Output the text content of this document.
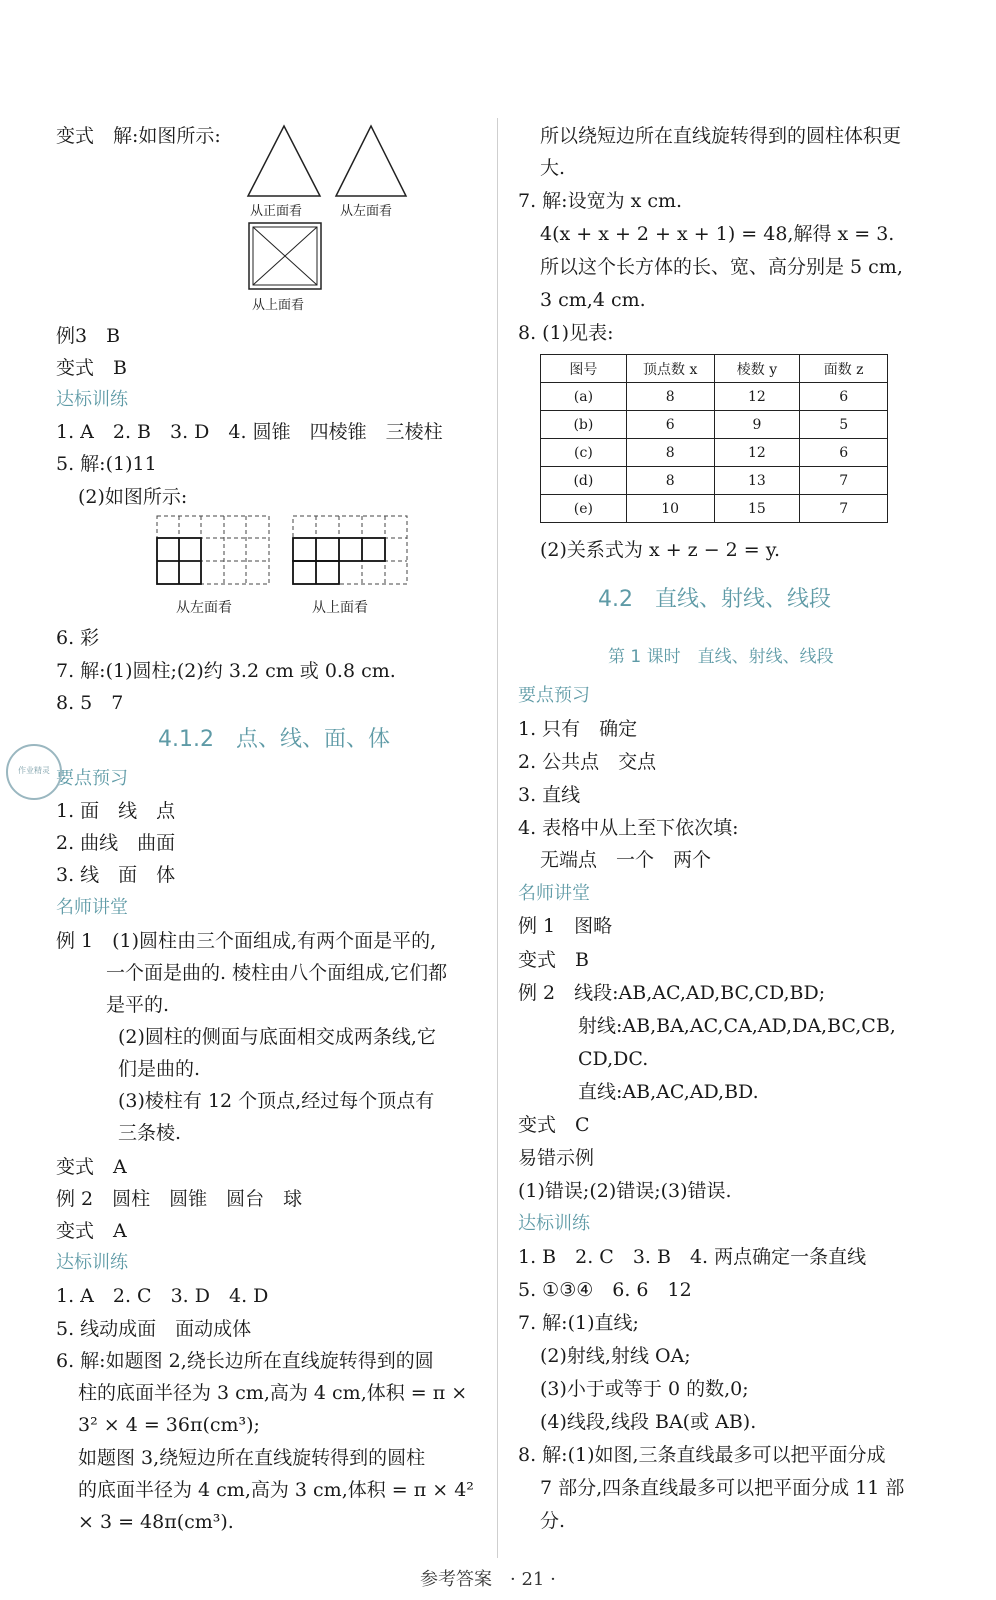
变式　解:如图所示:
从正面看	从左面看
从上面看
例3　B
变式　B
达标训练
1. A　2. B　3. D　4. 圆锥　四棱锥　三棱柱
5. 解:(1)11
(2)如图所示:
从左面看	从上面看
6. 彩
7. 解:(1)圆柱;(2)约 3.2 cm 或 0.8 cm.
8. 5　7
4.1.2　点、线、面、体
要点预习
1. 面　线　点
2. 曲线　曲面
3. 线　面　体
名师讲堂
例 1　(1)圆柱由三个面组成,有两个面是平的,
一个面是曲的. 棱柱由八个面组成,它们都
是平的.
(2)圆柱的侧面与底面相交成两条线,它
们是曲的.
(3)棱柱有 12 个顶点,经过每个顶点有
三条棱.
变式　A
例 2　圆柱　圆锥　圆台　球
变式　A
达标训练
1. A　2. C　3. D　4. D
5. 线动成面　面动成体
6. 解:如题图 2,绕长边所在直线旋转得到的圆
柱的底面半径为 3 cm,高为 4 cm,体积 = π ×
3² × 4 = 36π(cm³);
如题图 3,绕短边所在直线旋转得到的圆柱
的底面半径为 4 cm,高为 3 cm,体积 = π × 4²
× 3 = 48π(cm³).
作业精灵
所以绕短边所在直线旋转得到的圆柱体积更
大.
7. 解:设宽为 x cm.
4(x + x + 2 + x + 1) = 48,解得 x = 3.
所以这个长方体的长、宽、高分别是 5 cm,
3 cm,4 cm.
8. (1)见表:
图号	顶点数 x	棱数 y	面数 z
(a)	8	12	6
(b)	6	9	5
(c)	8	12	6
(d)	8	13	7
(e)	10	15	7
(2)关系式为 x + z − 2 = y.
4.2　直线、射线、线段
第 1 课时　直线、射线、线段
要点预习
1. 只有　确定
2. 公共点　交点
3. 直线
4. 表格中从上至下依次填:
无端点　一个　两个
名师讲堂
例 1　图略
变式　B
例 2　线段:AB,AC,AD,BC,CD,BD;
射线:AB,BA,AC,CA,AD,DA,BC,CB,
CD,DC.
直线:AB,AC,AD,BD.
变式　C
易错示例
(1)错误;(2)错误;(3)错误.
达标训练
1. B　2. C　3. B　4. 两点确定一条直线
5. ①③④　6. 6　12
7. 解:(1)直线;
(2)射线,射线 OA;
(3)小于或等于 0 的数,0;
(4)线段,线段 BA(或 AB).
8. 解:(1)如图,三条直线最多可以把平面分成
7 部分,四条直线最多可以把平面分成 11 部
分.
参考答案　· 21 ·
